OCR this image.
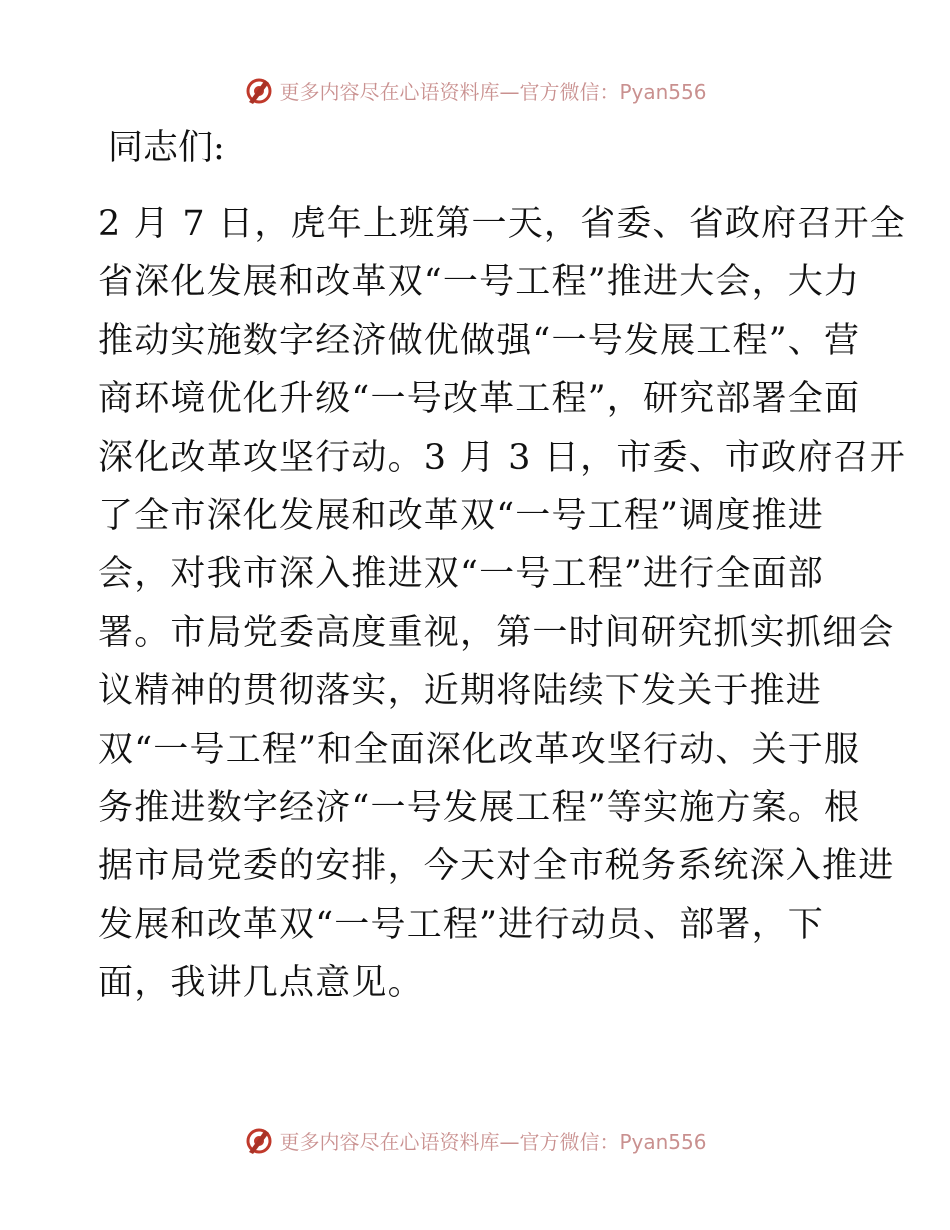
更多内容尽在心语资料库—官方微信：Pyan556

同志们:

2 月 7 日，虎年上班第一天，省委、省政府召开全
省深化发展和改革双“一号工程”推进大会，大力
推动实施数字经济做优做强“一号发展工程”、营
商环境优化升级“一号改革工程”，研究部署全面
深化改革攻坚行动。3 月 3 日，市委、市政府召开
了全市深化发展和改革双“一号工程”调度推进
会，对我市深入推进双“一号工程”进行全面部
署。市局党委高度重视，第一时间研究抓实抓细会
议精神的贯彻落实，近期将陆续下发关于推进
双“一号工程”和全面深化改革攻坚行动、关于服
务推进数字经济“一号发展工程”等实施方案。根
据市局党委的安排，今天对全市税务系统深入推进
发展和改革双“一号工程”进行动员、部署，下
面，我讲几点意见。
更多内容尽在心语资料库—官方微信：Pyan556
